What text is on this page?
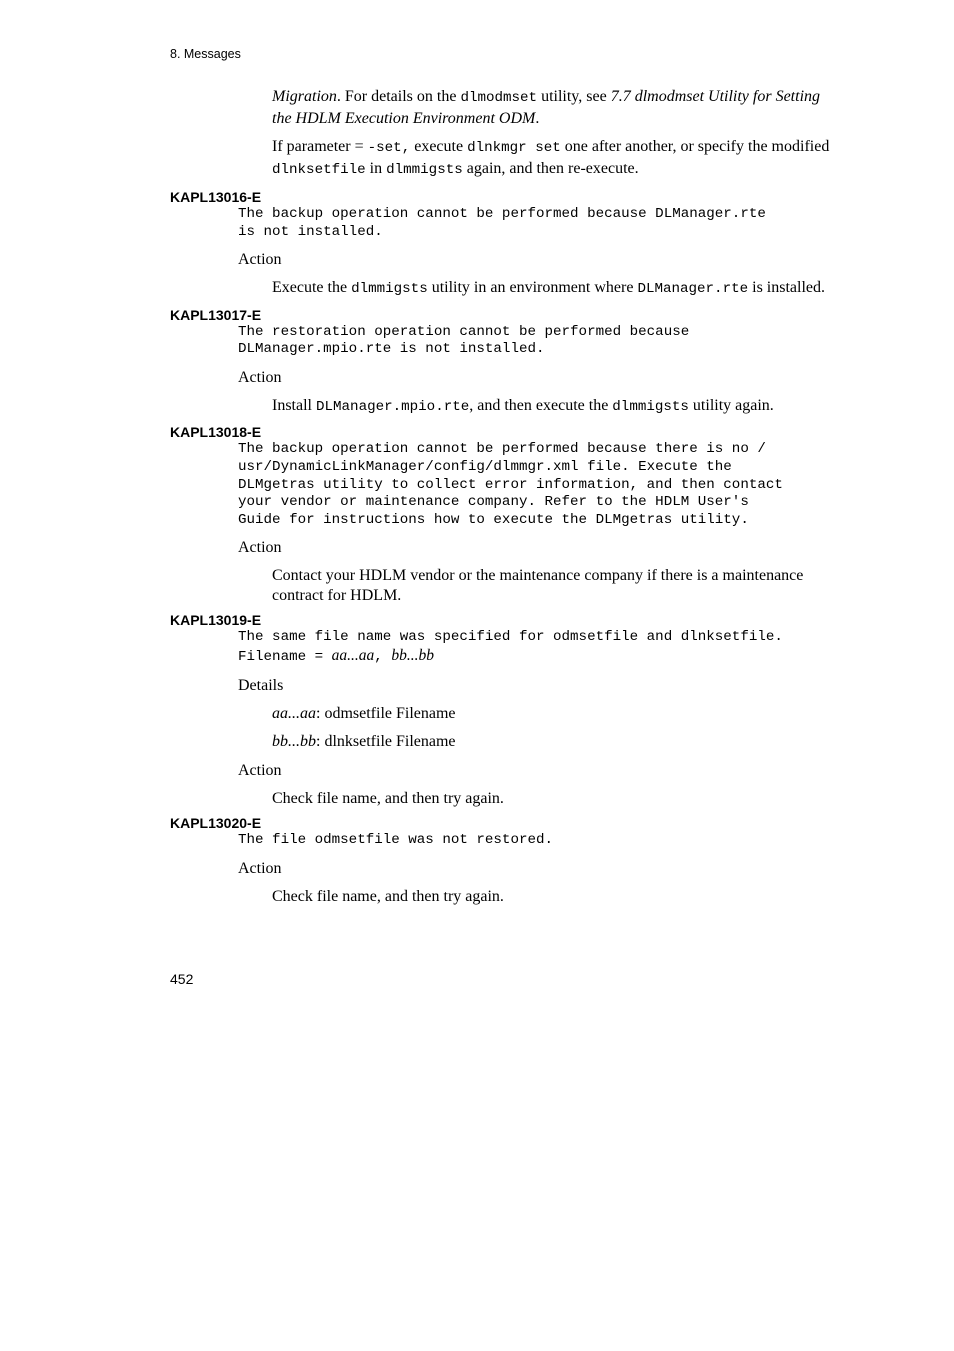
8. Messages
Migration. For details on the dlmodmset utility, see 7.7 dlmodmset Utility for Setting the HDLM Execution Environment ODM.
If parameter = -set, execute dlnkmgr set one after another, or specify the modified dlnksetfile in dlmmigsts again, and then re-execute.
KAPL13016-E
The backup operation cannot be performed because DLManager.rte
is not installed.
Action
Execute the dlmmigsts utility in an environment where DLManager.rte is installed.
KAPL13017-E
The restoration operation cannot be performed because
DLManager.mpio.rte is not installed.
Action
Install DLManager.mpio.rte, and then execute the dlmmigsts utility again.
KAPL13018-E
The backup operation cannot be performed because there is no /
usr/DynamicLinkManager/config/dlmmgr.xml file. Execute the
DLMgetras utility to collect error information, and then contact
your vendor or maintenance company. Refer to the HDLM User's
Guide for instructions how to execute the DLMgetras utility.
Action
Contact your HDLM vendor or the maintenance company if there is a maintenance contract for HDLM.
KAPL13019-E
The same file name was specified for odmsetfile and dlnksetfile.
Filename = aa...aa, bb...bb
Details
aa...aa: odmsetfile Filename
bb...bb: dlnksetfile Filename
Action
Check file name, and then try again.
KAPL13020-E
The file odmsetfile was not restored.
Action
Check file name, and then try again.
452
